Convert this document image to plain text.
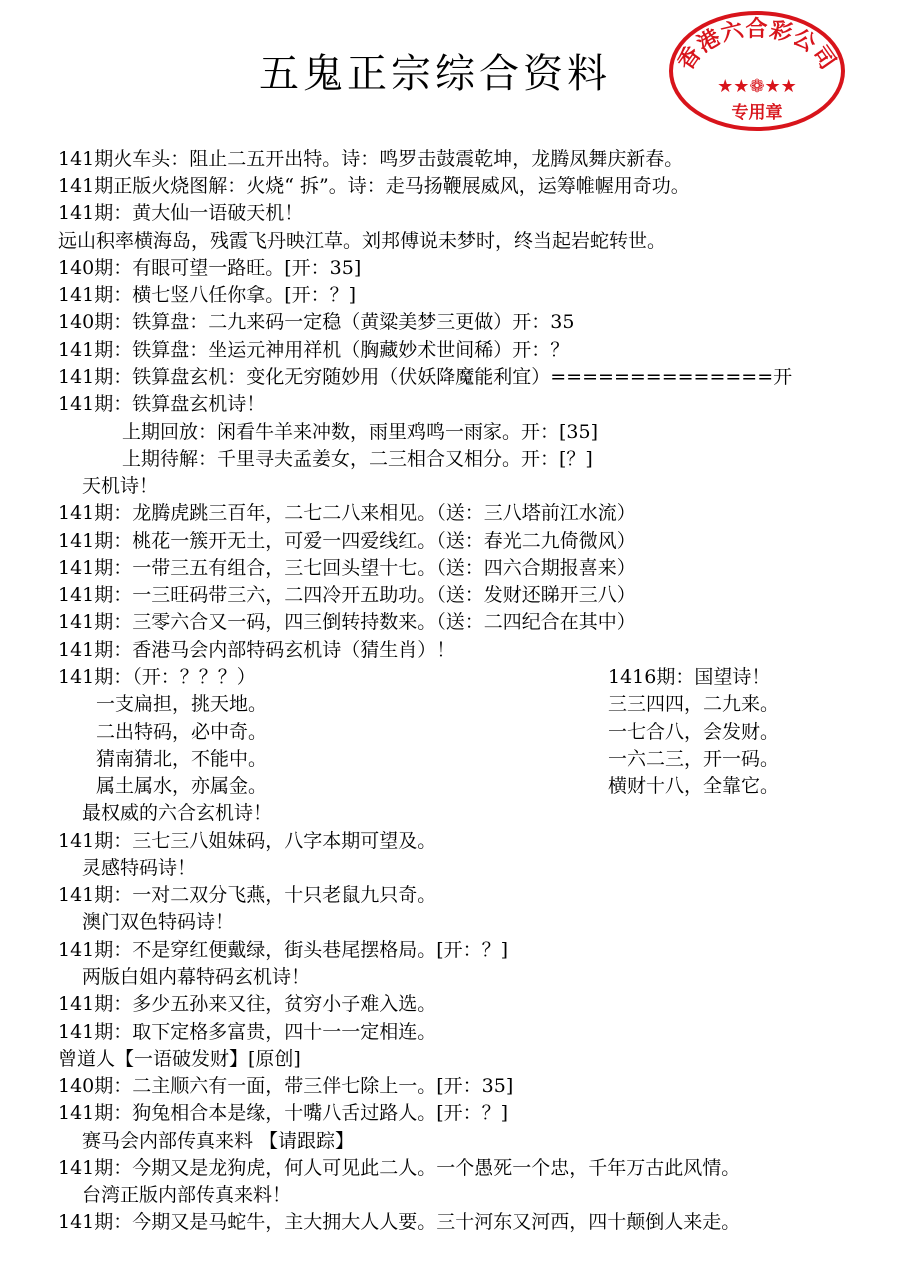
五鬼正宗综合资料	香港六合彩公司
★★❁★★
专用章
141期火车头：阻止二五开出特。诗：鸣罗击鼓震乾坤，龙腾凤舞庆新春。
141期正版火烧图解：火烧“ 拆”。诗：走马扬鞭展威风，运筹帷幄用奇功。
141期：黄大仙一语破天机！
远山积率横海岛，残霞飞丹映江草。刘邦傅说未梦时，终当起岩蛇转世。
140期：有眼可望一路旺。[开：35]
141期：横七竖八任你拿。[开：？]
140期：铁算盘：二九来码一定稳（黄粱美梦三更做）开：35
141期：铁算盘：坐运元神用祥机（胸藏妙术世间稀）开：？
141期：铁算盘玄机：变化无穷随妙用（伏妖降魔能利宜）==============开
141期：铁算盘玄机诗！
上期回放：闲看牛羊来冲数，雨里鸡鸣一雨家。开：[35]
上期待解：千里寻夫孟姜女，二三相合又相分。开：[？]
天机诗！
141期：龙腾虎跳三百年，二七二八来相见。（送：三八塔前江水流）
141期：桃花一簇开无土，可爱一四爱线红。（送：春光二九倚微风）
141期：一带三五有组合，三七回头望十七。（送：四六合期报喜来）
141期：一三旺码带三六，二四冷开五助功。（送：发财还睇开三八）
141期：三零六合又一码，四三倒转持数来。（送：二四纪合在其中）
141期：香港马会内部特码玄机诗（猜生肖）！
141期：（开：？？？）
一支扁担，挑天地。
二出特码，必中奇。
猜南猜北，不能中。
属土属水，亦属金。
最权威的六合玄机诗！
141期：三七三八姐妹码，八字本期可望及。
灵感特码诗！
141期：一对二双分飞燕，十只老鼠九只奇。
澳门双色特码诗！
141期：不是穿红便戴绿，街头巷尾摆格局。[开：？]
两版白姐内幕特码玄机诗！
141期：多少五孙来又往，贫穷小子难入选。
141期：取下定格多富贵，四十一一定相连。
曾道人【一语破发财】[原创]
140期：二主顺六有一面，带三伴七除上一。[开：35]
141期：狗兔相合本是缘，十嘴八舌过路人。[开：？]
赛马会内部传真来料 【请跟踪】
141期：今期又是龙狗虎，何人可见此二人。一个愚死一个忠，千年万古此风情。
台湾正版内部传真来料！
141期：今期又是马蛇牛，主大拥大人人要。三十河东又河西，四十颠倒人来走。
1416期：国望诗！
三三四四，二九来。
一七合八，会发财。
一六二三，开一码。
横财十八，全靠它。
